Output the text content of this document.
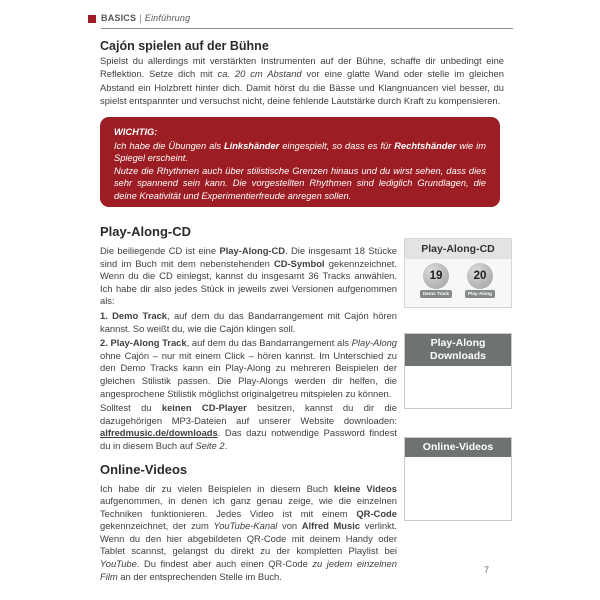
BASICS | Einführung
Cajón spielen auf der Bühne

Spielst du allerdings mit verstärkten Instrumenten auf der Bühne, schaffe dir unbedingt eine Reflektion. Setze dich mit ca. 20 cm Abstand vor eine glatte Wand oder stelle im gleichen Abstand ein Holzbrett hinter dich. Damit hörst du die Bässe und Klangnuancen viel besser, du spielst entspannter und versuchst nicht, deine fehlende Lautstärke durch Kraft zu kompensieren.

WICHTIG:

Ich habe die Übungen als Linkshänder eingespielt, so dass es für Rechtshänder wie im Spiegel erscheint.

Nutze die Rhythmen auch über stilistische Grenzen hinaus und du wirst sehen, dass dies sehr spannend sein kann. Die vorgestellten Rhythmen sind lediglich Grundlagen, die deine Kreativität und Experimentierfreude anregen sollen.

Play-Along-CD

Die beiliegende CD ist eine Play-Along-CD. Die insgesamt 18 Stücke sind im Buch mit dem nebenstehenden CD-Symbol gekennzeichnet. Wenn du die CD einlegst, kannst du insgesamt 36 Tracks anwählen. Ich habe dir also jedes Stück in jeweils zwei Versionen aufgenommen als:

1. Demo Track, auf dem du das Bandarrangement mit Cajón hören kannst. So weißt du, wie die Cajón klingen soll.

2. Play-Along Track, auf dem du das Bandarrangement als Play-Along ohne Cajón – nur mit einem Click – hören kannst. Im Unterschied zu den Demo Tracks kann ein Play-Along zu mehreren Beispielen der gleichen Stilistik passen. Die Play-Alongs werden dir helfen, die angesprochene Stilistik möglichst originalgetreu mitspielen zu können.

Solltest du keinen CD-Player besitzen, kannst du dir die dazugehörigen MP3-Dateien auf unserer Website downloaden: alfredmusic.de/downloads. Das dazu notwendige Password findest du in diesem Buch auf Seite 2.

Online-Videos

Ich habe dir zu vielen Beispielen in diesem Buch kleine Videos aufgenommen, in denen ich ganz genau zeige, wie die einzelnen Techniken funktionieren. Jedes Video ist mit einem QR-Code gekennzeichnet, der zum YouTube-Kanal von Alfred Music verlinkt. Wenn du den hier abgebildeten QR-Code mit deinem Handy oder Tablet scannst, gelangst du direkt zu der kompletten Playlist bei YouTube. Du findest aber auch einen QR-Code zu jedem einzelnen Film an der entsprechenden Stelle im Buch.

Play-Along-CD
19
Demo Track
20
Play-Along
Play-Along
Downloads
Online-Videos
7
